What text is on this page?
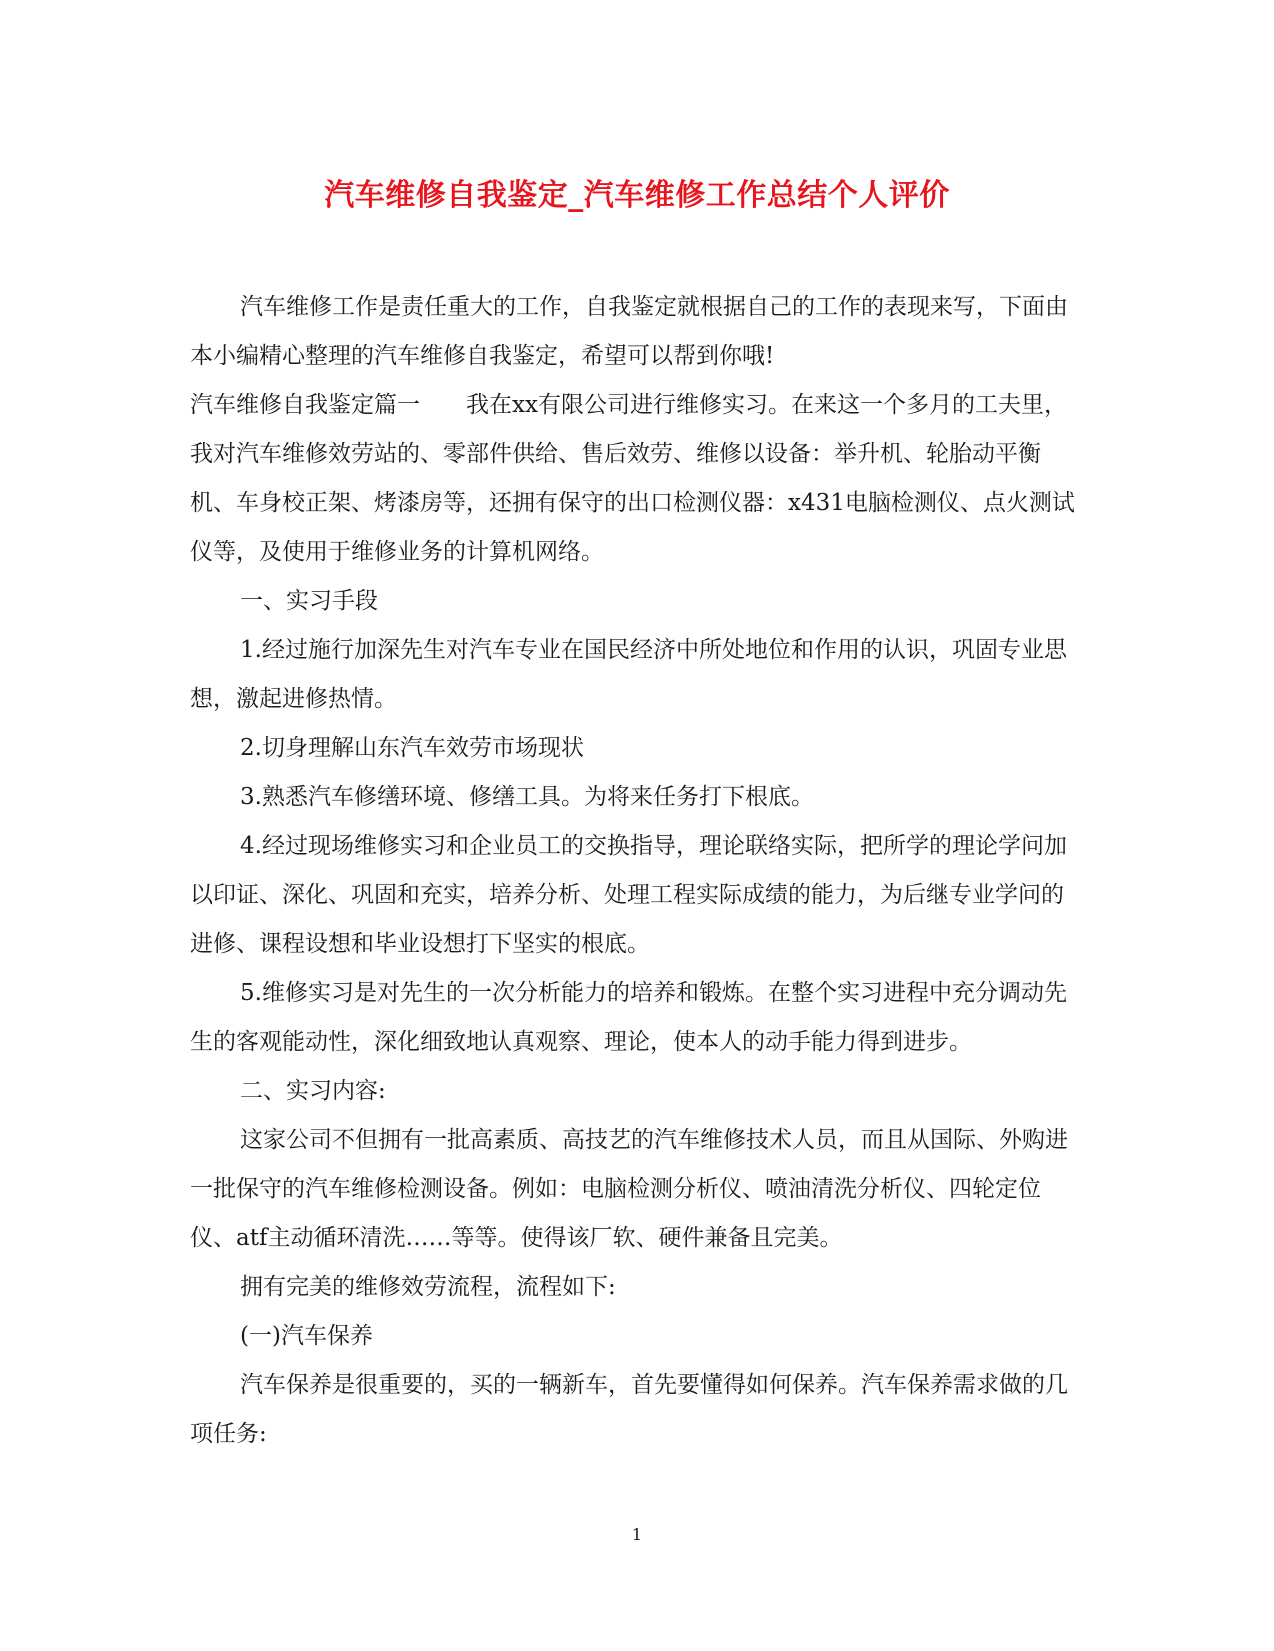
汽车维修自我鉴定_汽车维修工作总结个人评价

汽车维修工作是责任重大的工作，自我鉴定就根据自己的工作的表现来写，下面由本小编精心整理的汽车维修自我鉴定，希望可以帮到你哦!

汽车维修自我鉴定篇一　　我在xx有限公司进行维修实习。在来这一个多月的工夫里，我对汽车维修效劳站的、零部件供给、售后效劳、维修以设备：举升机、轮胎动平衡机、车身校正架、烤漆房等，还拥有保守的出口检测仪器：x431电脑检测仪、点火测试仪等，及使用于维修业务的计算机网络。

一、实习手段

1.经过施行加深先生对汽车专业在国民经济中所处地位和作用的认识，巩固专业思想，激起进修热情。

2.切身理解山东汽车效劳市场现状

3.熟悉汽车修缮环境、修缮工具。为将来任务打下根底。

4.经过现场维修实习和企业员工的交换指导，理论联络实际，把所学的理论学问加以印证、深化、巩固和充实，培养分析、处理工程实际成绩的能力，为后继专业学问的进修、课程设想和毕业设想打下坚实的根底。

5.维修实习是对先生的一次分析能力的培养和锻炼。在整个实习进程中充分调动先生的客观能动性，深化细致地认真观察、理论，使本人的动手能力得到进步。

二、实习内容:

这家公司不但拥有一批高素质、高技艺的汽车维修技术人员，而且从国际、外购进一批保守的汽车维修检测设备。例如：电脑检测分析仪、喷油清洗分析仪、四轮定位仪、atf主动循环清洗……等等。使得该厂软、硬件兼备且完美。

拥有完美的维修效劳流程，流程如下:

(一)汽车保养

汽车保养是很重要的，买的一辆新车，首先要懂得如何保养。汽车保养需求做的几项任务:

1
